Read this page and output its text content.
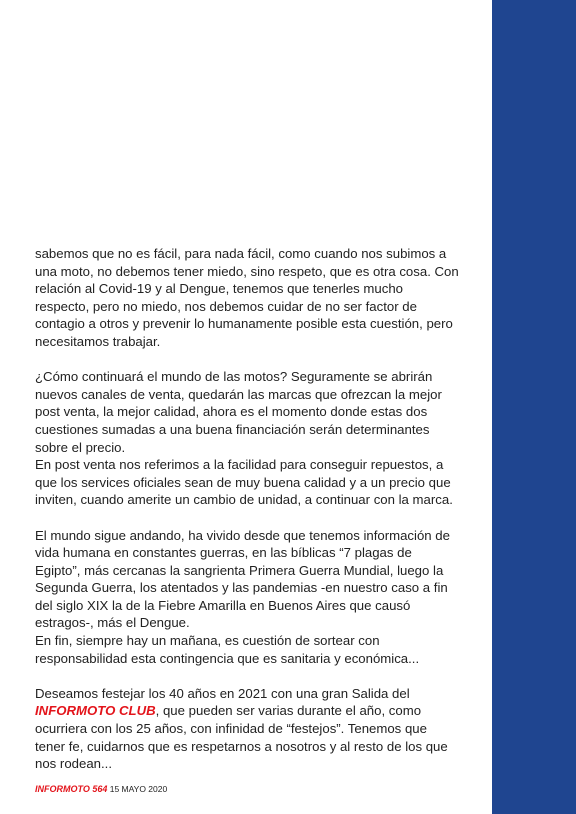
sabemos que no es fácil, para nada fácil, como cuando nos subimos a una moto, no debemos tener miedo, sino respeto, que es otra cosa. Con relación al Covid-19 y al Dengue, tenemos que tenerles mucho respecto, pero no miedo, nos debemos cuidar de no ser factor de contagio a otros y prevenir lo humanamente posible esta cuestión, pero necesitamos trabajar.

¿Cómo continuará el mundo de las motos? Seguramente se abrirán nuevos canales de venta, quedarán las marcas que ofrezcan la mejor post venta, la mejor calidad, ahora es el momento donde estas dos cuestiones sumadas a una buena financiación serán determinantes sobre el precio.

En post venta nos referimos a la facilidad para conseguir repuestos, a que los services oficiales sean de muy buena calidad y a un precio que inviten, cuando amerite un cambio de unidad, a continuar con la marca.

El mundo sigue andando, ha vivido desde que tenemos información de vida humana en constantes guerras, en las bíblicas “7 plagas de Egipto”, más cercanas la sangrienta Primera Guerra Mundial, luego la Segunda Guerra, los atentados y las pandemias -en nuestro caso a fin del siglo XIX la de la Fiebre Amarilla en Buenos Aires que causó estragos-, más el Dengue.

En fin, siempre hay un mañana, es cuestión de sortear con responsabilidad esta contingencia que es sanitaria y económica...

Deseamos festejar los 40 años en 2021 con una gran Salida del INFORMOTO CLUB, que pueden ser varias durante el año, como ocurriera con los 25 años, con infinidad de “festejos”. Tenemos que tener fe, cuidarnos que es respetarnos a nosotros y al resto de los que nos rodean...

INFORMOTO 564 15 MAYO 2020
